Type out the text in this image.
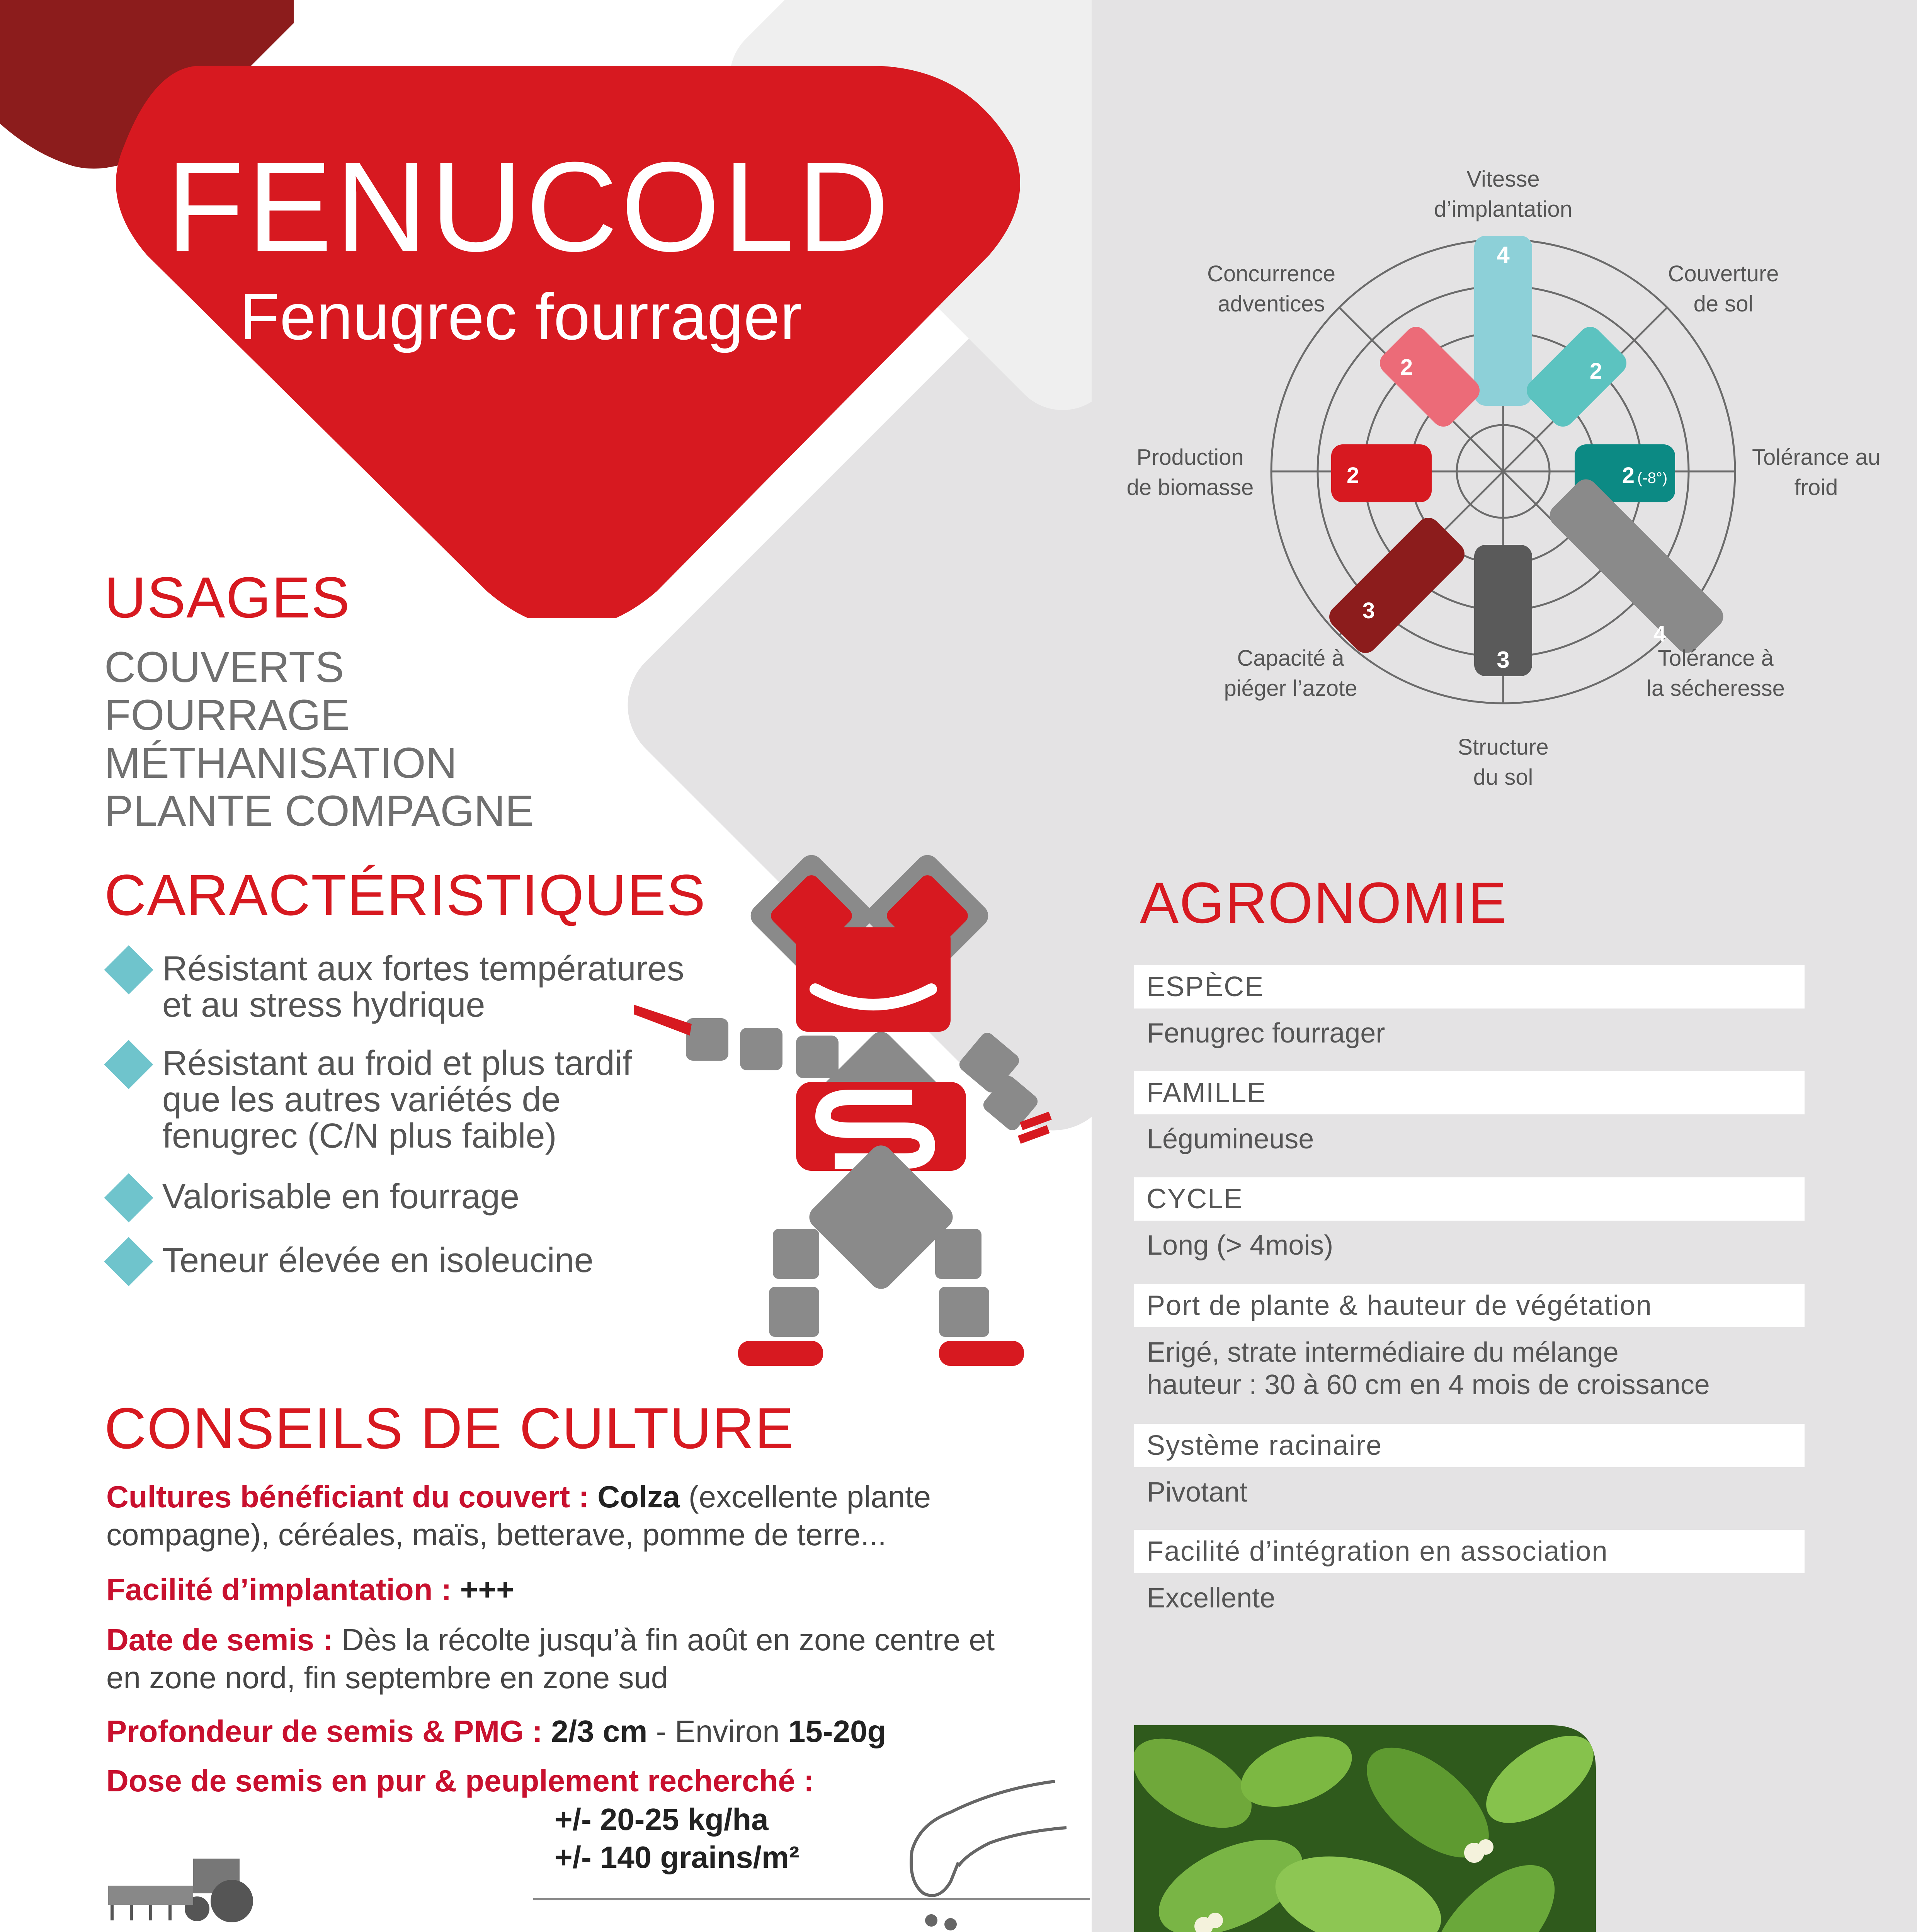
FENUCOLD
Fenugrec fourrager
USAGES
COUVERTS
FOURRAGE
MÉTHANISATION
PLANTE COMPAGNE
CARACTÉRISTIQUES
Résistant aux fortes températures
et au stress hydrique
Résistant au froid et plus tardif
que les autres variétés de
fenugrec (C/N plus faible)
Valorisable en fourrage
Teneur élevée en isoleucine
CONSEILS DE CULTURE
Cultures bénéficiant du couvert : Colza (excellente plante
compagne), céréales, maïs, betterave, pomme de terre...
Facilité d’implantation : +++
Date de semis : Dès la récolte jusqu’à fin août en zone centre et
en zone nord, fin septembre en zone sud
Profondeur de semis & PMG : 2/3 cm - Environ 15-20g
Dose de semis en pur & peuplement recherché :
+/- 20-25 kg/ha
+/- 140 grains/m²

4
2
2 (-8°)
4
3
3
2
2
Vitesse
d’implantation
Couverture
de sol
Tolérance au
froid
Tolérance à
la sécheresse
Structure
du sol
Capacité à
piéger l’azote
Production
de biomasse
Concurrence
adventices
AGRONOMIE
ESPÈCE
Fenugrec fourrager
FAMILLE
Légumineuse
CYCLE
Long (> 4mois)
Port de plante & hauteur de végétation
Erigé, strate intermédiaire du mélange
hauteur : 30 à 60 cm en 4 mois de croissance
Système racinaire
Pivotant
Facilité d’intégration en association
Excellente
